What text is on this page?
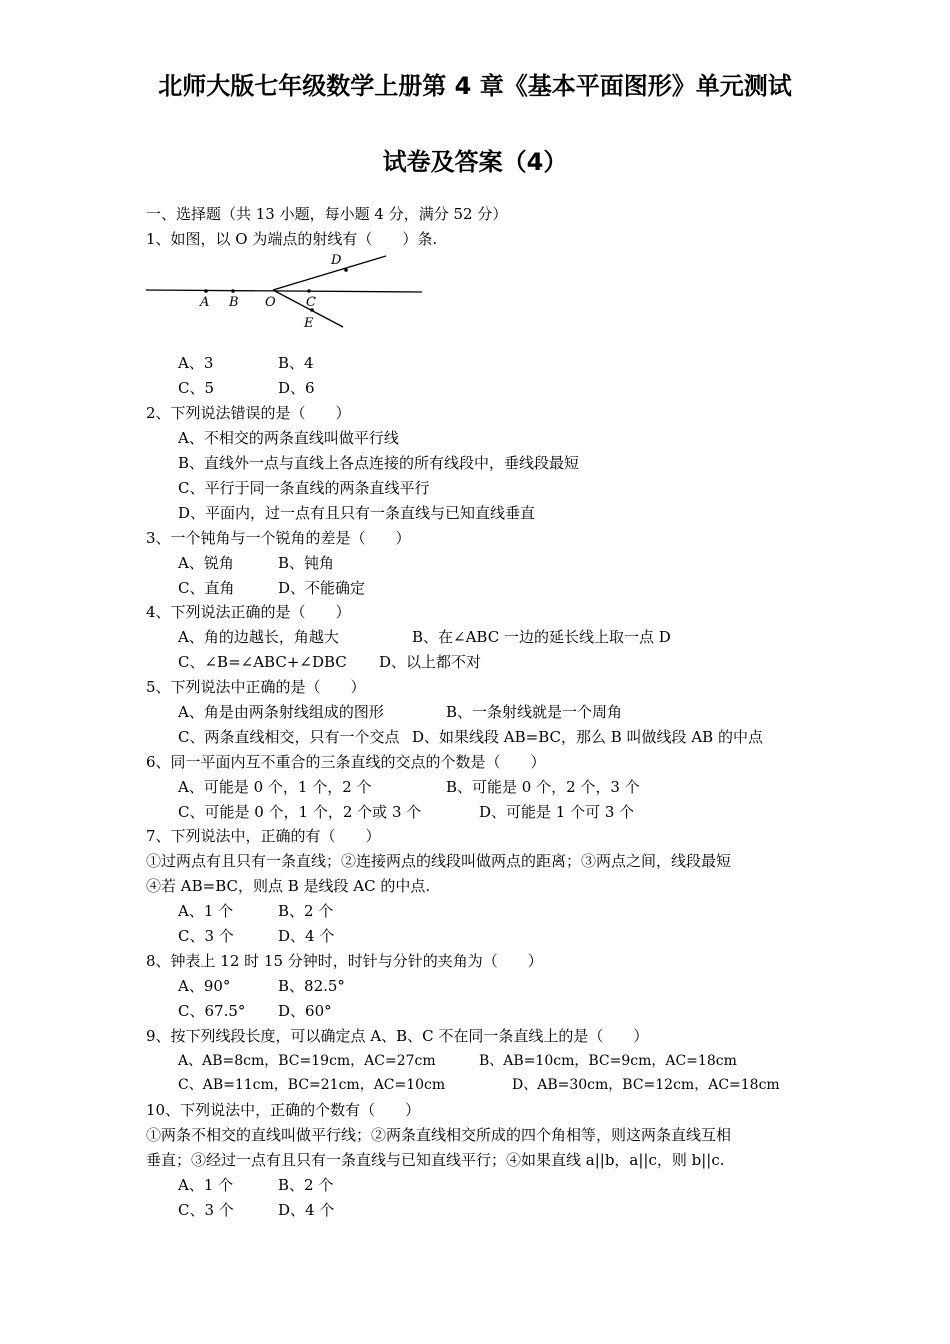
北师大版七年级数学上册第 4 章《基本平面图形》单元测试
试卷及答案（4）
一、选择题（共 13 小题，每小题 4 分，满分 52 分）
1、如图，以 O 为端点的射线有（　　）条.
A B O C
D
E
A、3	B、4
C、5	D、6
2、下列说法错误的是（　　）
A、不相交的两条直线叫做平行线
B、直线外一点与直线上各点连接的所有线段中，垂线段最短
C、平行于同一条直线的两条直线平行
D、平面内，过一点有且只有一条直线与已知直线垂直
3、一个钝角与一个锐角的差是（　　）
A、锐角	B、钝角
C、直角	D、不能确定
4、下列说法正确的是（　　）
A、角的边越长，角越大	B、在∠ABC 一边的延长线上取一点 D
C、∠B=∠ABC+∠DBC D、以上都不对
5、下列说法中正确的是（　　）
A、角是由两条射线组成的图形	B、一条射线就是一个周角
C、两条直线相交，只有一个交点 D、如果线段 AB=BC，那么 B 叫做线段 AB 的中点
6、同一平面内互不重合的三条直线的交点的个数是（　　）
A、可能是 0 个，1 个，2 个	B、可能是 0 个，2 个，3 个
C、可能是 0 个，1 个，2 个或 3 个	D、可能是 1 个可 3 个
7、下列说法中，正确的有（　　）
①过两点有且只有一条直线；②连接两点的线段叫做两点的距离；③两点之间，线段最短
④若 AB=BC，则点 B 是线段 AC 的中点.
A、1 个	B、2 个
C、3 个	D、4 个
8、钟表上 12 时 15 分钟时，时针与分针的夹角为（　　）
A、90°	B、82.5°
C、67.5° D、60°
9、按下列线段长度，可以确定点 A、B、C 不在同一条直线上的是（　　）
A、AB=8cm，BC=19cm，AC=27cm	B、AB=10cm，BC=9cm，AC=18cm
C、AB=11cm，BC=21cm，AC=10cm	D、AB=30cm，BC=12cm，AC=18cm
10、下列说法中，正确的个数有（　　）
①两条不相交的直线叫做平行线；②两条直线相交所成的四个角相等，则这两条直线互相
垂直；③经过一点有且只有一条直线与已知直线平行；④如果直线 a||b，a||c，则 b||c.
A、1 个	B、2 个
C、3 个	D、4 个
